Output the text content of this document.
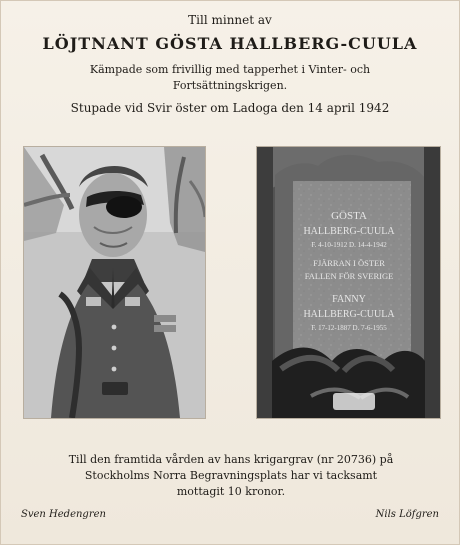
Till minnet av

LÖJTNANT GÖSTA HALLBERG-CUULA

Kämpade som frivillig med tapperhet i Vinter- och

Fortsättningskrigen.

Stupade vid Svir öster om Ladoga den 14 april 1942

GÖSTA
HALLBERG-CUULA
F. 4-10-1912 D. 14-4-1942
FJÄRRAN I ÖSTER
FALLEN FÖR SVERIGE
FANNY
HALLBERG-CUULA
F. 17-12-1887 D. 7-6-1955

Till den framtida vården av hans krigargrav (nr 20736) på

Stockholms Norra Begravningsplats har vi tacksamt

mottagit 10 kronor.

Sven Hedengren	Nils Löfgren
